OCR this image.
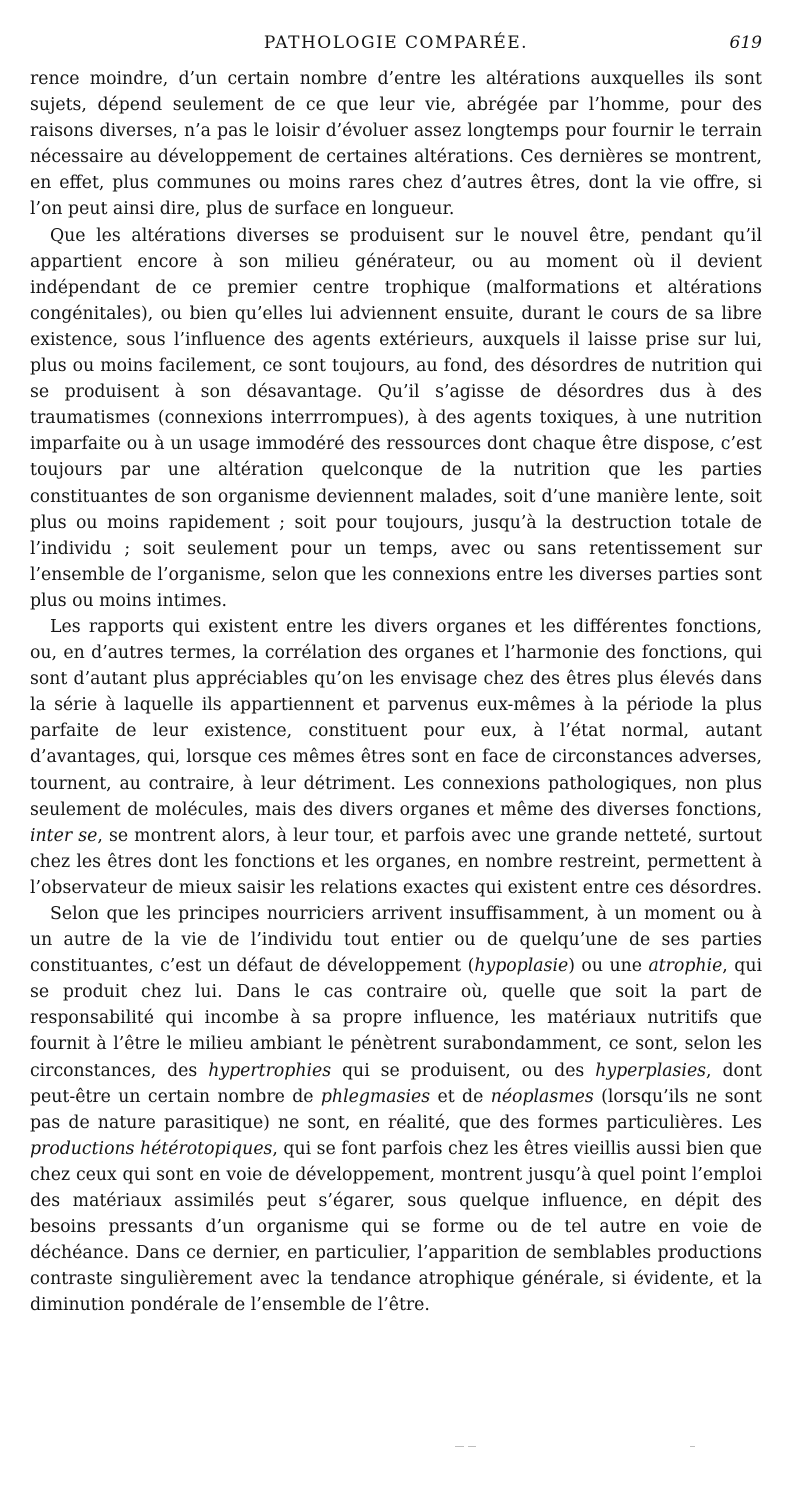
PATHOLOGIE COMPARÉE.	619

rence moindre, d’un certain nombre d’entre les altérations auxquelles ils sont sujets, dépend seulement de ce que leur vie, abrégée par l’homme, pour des raisons diverses, n’a pas le loisir d’évoluer assez longtemps pour fournir le terrain nécessaire au développement de certaines altérations. Ces dernières se montrent, en effet, plus communes ou moins rares chez d’autres êtres, dont la vie offre, si l’on peut ainsi dire, plus de surface en longueur.

Que les altérations diverses se produisent sur le nouvel être, pendant qu’il appartient encore à son milieu générateur, ou au moment où il devient indépendant de ce premier centre trophique (malformations et altérations congénitales), ou bien qu’elles lui adviennent ensuite, durant le cours de sa libre existence, sous l’influence des agents extérieurs, auxquels il laisse prise sur lui, plus ou moins facilement, ce sont toujours, au fond, des désordres de nutrition qui se produisent à son désavantage. Qu’il s’agisse de désordres dus à des traumatismes (connexions interrrompues), à des agents toxiques, à une nutrition imparfaite ou à un usage immodéré des ressources dont chaque être dispose, c’est toujours par une altération quelconque de la nutrition que les parties constituantes de son organisme deviennent malades, soit d’une manière lente, soit plus ou moins rapidement ; soit pour toujours, jusqu’à la destruction totale de l’individu ; soit seulement pour un temps, avec ou sans retentissement sur l’ensemble de l’organisme, selon que les connexions entre les diverses parties sont plus ou moins intimes.

Les rapports qui existent entre les divers organes et les différentes fonctions, ou, en d’autres termes, la corrélation des organes et l’harmonie des fonctions, qui sont d’autant plus appréciables qu’on les envisage chez des êtres plus élevés dans la série à laquelle ils appartiennent et parvenus eux-mêmes à la période la plus parfaite de leur existence, constituent pour eux, à l’état normal, autant d’avantages, qui, lorsque ces mêmes êtres sont en face de circonstances adverses, tournent, au contraire, à leur détriment. Les connexions pathologiques, non plus seulement de molécules, mais des divers organes et même des diverses fonctions, inter se, se montrent alors, à leur tour, et parfois avec une grande netteté, surtout chez les êtres dont les fonctions et les organes, en nombre restreint, permettent à l’observateur de mieux saisir les relations exactes qui existent entre ces désordres.

Selon que les principes nourriciers arrivent insuffisamment, à un moment ou à un autre de la vie de l’individu tout entier ou de quelqu’une de ses parties constituantes, c’est un défaut de développement (hypoplasie) ou une atrophie, qui se produit chez lui. Dans le cas contraire où, quelle que soit la part de responsabilité qui incombe à sa propre influence, les matériaux nutritifs que fournit à l’être le milieu ambiant le pénètrent surabondamment, ce sont, selon les circonstances, des hypertrophies qui se produisent, ou des hyperplasies, dont peut-être un certain nombre de phlegmasies et de néoplasmes (lorsqu’ils ne sont pas de nature parasitique) ne sont, en réalité, que des formes particulières. Les productions hétérotopiques, qui se font parfois chez les êtres vieillis aussi bien que chez ceux qui sont en voie de développement, montrent jusqu’à quel point l’emploi des matériaux assimilés peut s’égarer, sous quelque influence, en dépit des besoins pressants d’un organisme qui se forme ou de tel autre en voie de déchéance. Dans ce dernier, en particulier, l’apparition de semblables productions contraste singulièrement avec la tendance atrophique générale, si évidente, et la diminution pondérale de l’ensemble de l’être.
